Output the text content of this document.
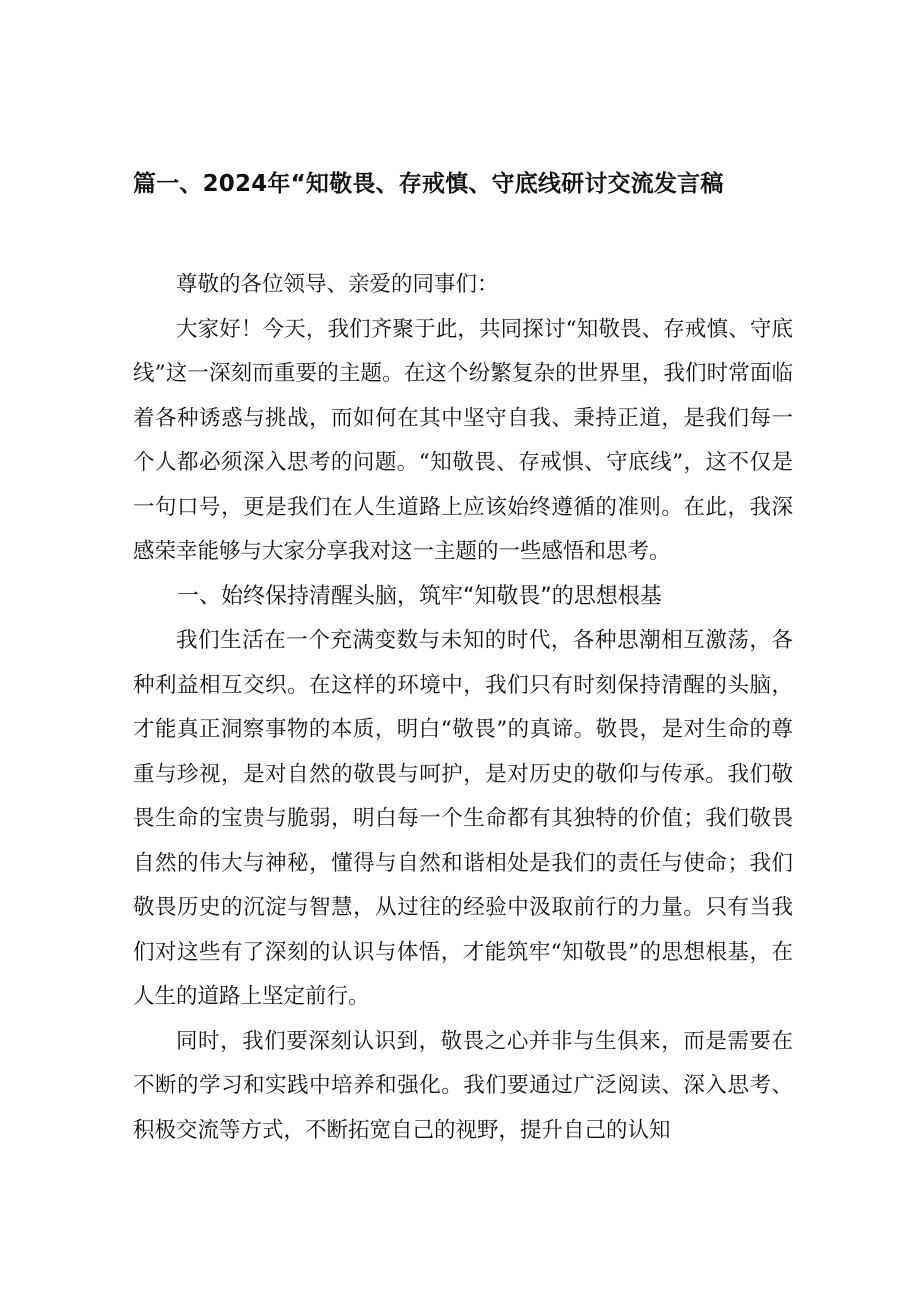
篇一、2024年“知敬畏、存戒慎、守底线研讨交流发言稿

尊敬的各位领导、亲爱的同事们：

大家好！今天，我们齐聚于此，共同探讨“知敬畏、存戒慎、守底线”这一深刻而重要的主题。在这个纷繁复杂的世界里，我们时常面临着各种诱惑与挑战，而如何在其中坚守自我、秉持正道，是我们每一个人都必须深入思考的问题。“知敬畏、存戒惧、守底线”，这不仅是一句口号，更是我们在人生道路上应该始终遵循的准则。在此，我深感荣幸能够与大家分享我对这一主题的一些感悟和思考。

一、始终保持清醒头脑，筑牢“知敬畏”的思想根基

我们生活在一个充满变数与未知的时代，各种思潮相互激荡，各种利益相互交织。在这样的环境中，我们只有时刻保持清醒的头脑，才能真正洞察事物的本质，明白“敬畏”的真谛。敬畏，是对生命的尊重与珍视，是对自然的敬畏与呵护，是对历史的敬仰与传承。我们敬畏生命的宝贵与脆弱，明白每一个生命都有其独特的价值；我们敬畏自然的伟大与神秘，懂得与自然和谐相处是我们的责任与使命；我们敬畏历史的沉淀与智慧，从过往的经验中汲取前行的力量。只有当我们对这些有了深刻的认识与体悟，才能筑牢“知敬畏”的思想根基，在人生的道路上坚定前行。

同时，我们要深刻认识到，敬畏之心并非与生俱来，而是需要在不断的学习和实践中培养和强化。我们要通过广泛阅读、深入思考、积极交流等方式，不断拓宽自己的视野，提升自己的认知
